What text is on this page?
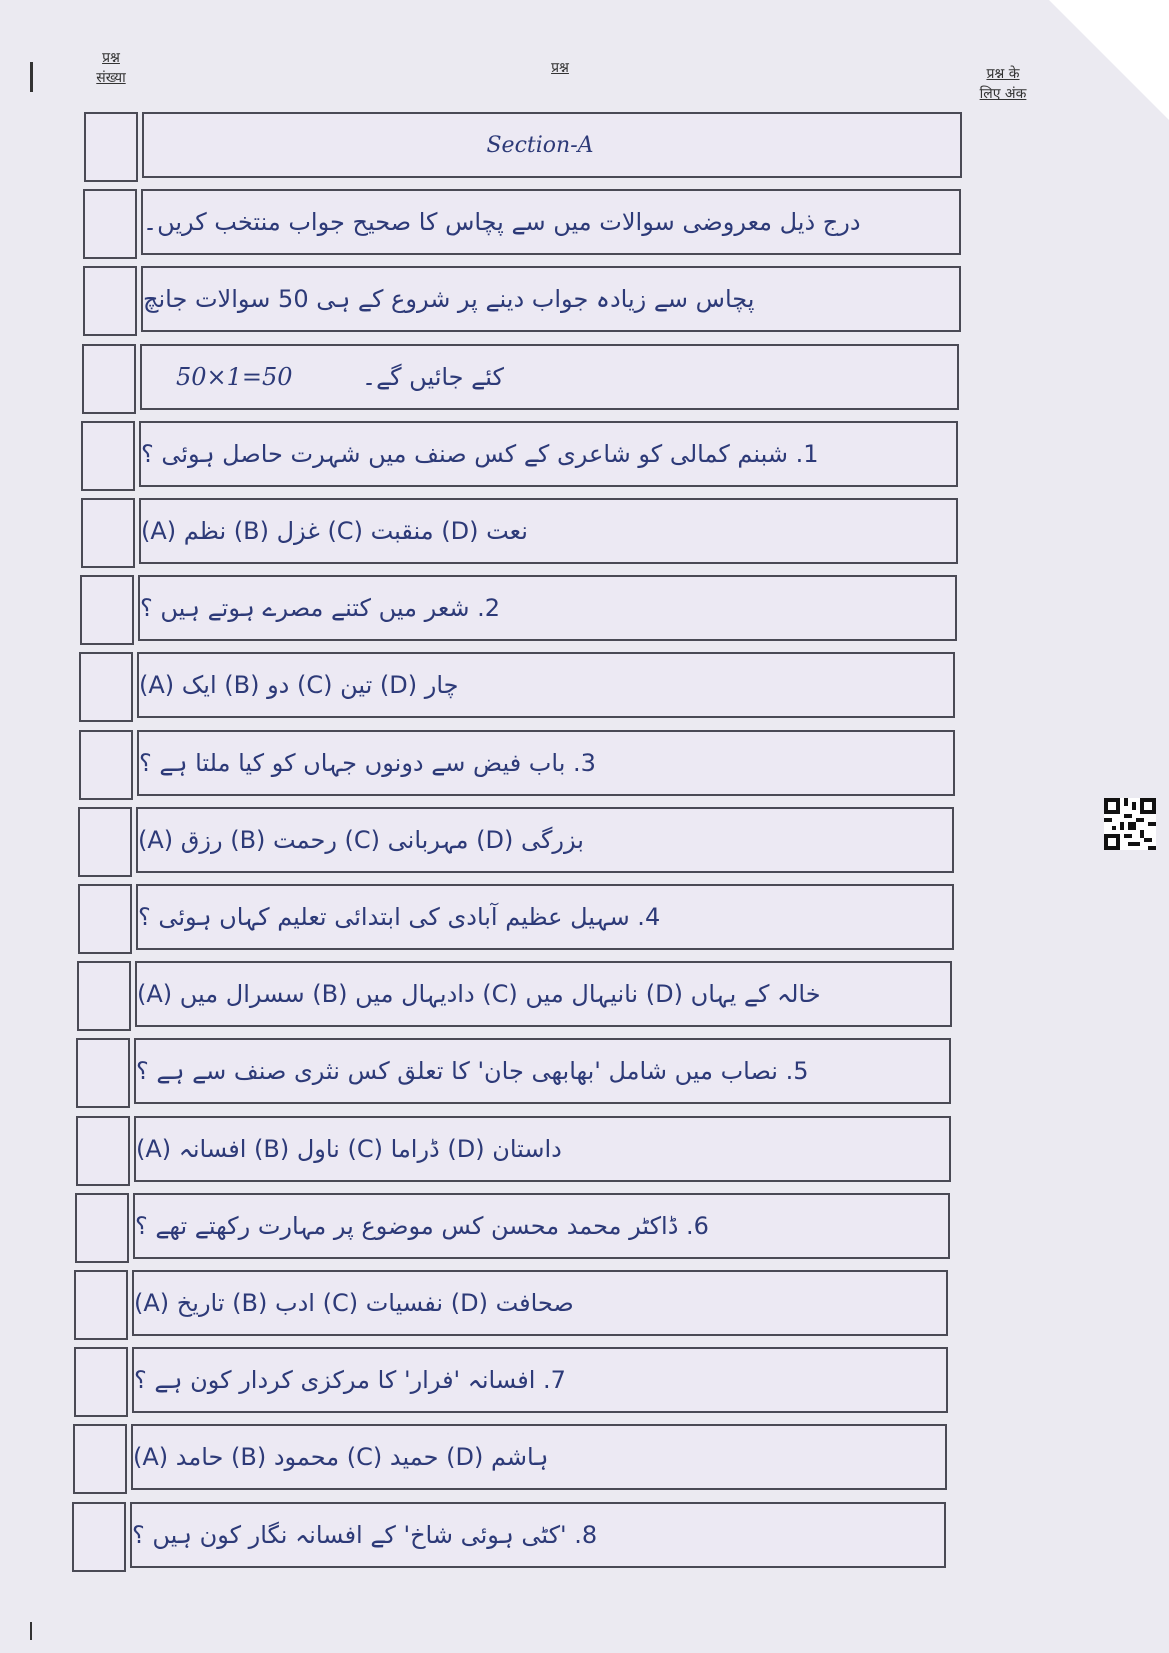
प्रश्न
संख्या
प्रश्न	प्रश्न के
लिए अंक
Section-A
درج ذیل معروضی سوالات میں سے پچاس کا صحیح جواب منتخب کریں۔
پچاس سے زیادہ جواب دینے پر شروع کے ہی 50 سوالات جانچ
کئے جائیں گے۔
50×1=50
1. شبنم کمالی کو شاعری کے کس صنف میں شہرت حاصل ہوئی ؟
(A) نظم (B) غزل (C) منقبت (D) نعت
2. شعر میں کتنے مصرے ہوتے ہیں ؟
(A) ایک (B) دو (C) تین (D) چار
3. باب فیض سے دونوں جہاں کو کیا ملتا ہے ؟
(A) رزق (B) رحمت (C) مہربانی (D) بزرگی
4. سہیل عظیم آبادی کی ابتدائی تعلیم کہاں ہوئی ؟
(A) سسرال میں (B) دادیہال میں (C) نانیہال میں (D) خالہ کے یہاں
5. نصاب میں شامل 'بھابھی جان' کا تعلق کس نثری صنف سے ہے ؟
(A) افسانہ (B) ناول (C) ڈراما (D) داستان
6. ڈاکٹر محمد محسن کس موضوع پر مہارت رکھتے تھے ؟
(A) تاریخ (B) ادب (C) نفسیات (D) صحافت
7. افسانہ 'فرار' کا مرکزی کردار کون ہے ؟
(A) حامد (B) محمود (C) حمید (D) ہاشم
8. 'کٹی ہوئی شاخ' کے افسانہ نگار کون ہیں ؟
